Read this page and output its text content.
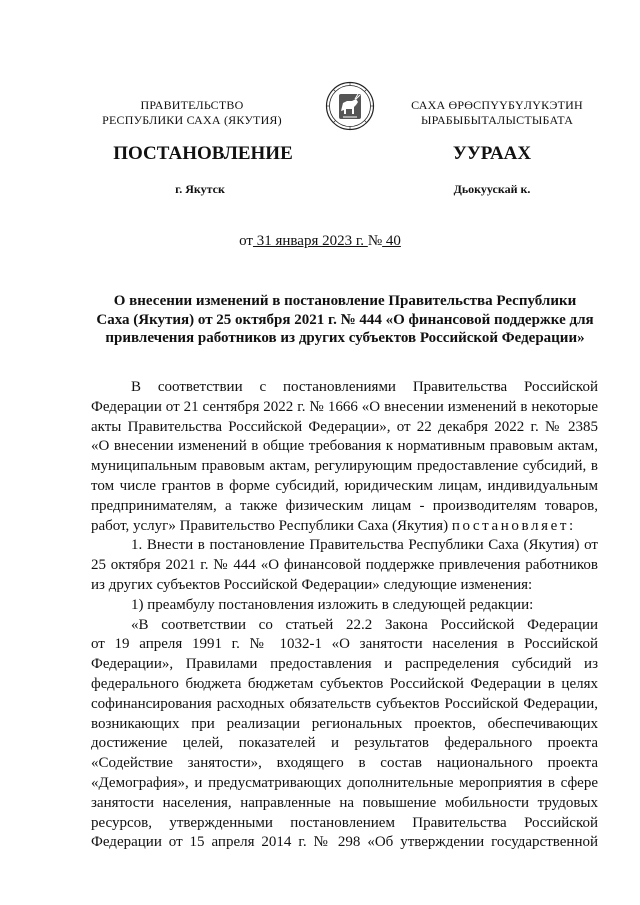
ПРАВИТЕЛЬСТВО
РЕСПУБЛИКИ САХА (ЯКУТИЯ)
САХА ӨРӨСПҮҮБҮЛҮКЭТИН
ЫРАБЫБЫТАЛЫСТЫБАТА
ПОСТАНОВЛЕНИЕ	УУРААХ
г. Якутск	Дьокуускай к.
от 31 января 2023 г. № 40
О внесении изменений в постановление Правительства Республики
Саха (Якутия) от 25 октября 2021 г. № 444 «О финансовой поддержке для
привлечения работников из других субъектов Российской Федерации»

В соответствии с постановлениями Правительства Российской

Федерации от 21 сентября 2022 г. № 1666 «О внесении изменений в некоторые

акты Правительства Российской Федерации», от 22 декабря 2022 г. № 2385

«О внесении изменений в общие требования к нормативным правовым актам,

муниципальным правовым актам, регулирующим предоставление субсидий, в

том числе грантов в форме субсидий, юридическим лицам, индивидуальным

предпринимателям, а также физическим лицам - производителям товаров,

работ, услуг» Правительство Республики Саха (Якутия) постановляет:

1. Внести в постановление Правительства Республики Саха (Якутия) от

25 октября 2021 г. № 444 «О финансовой поддержке привлечения работников

из других субъектов Российской Федерации» следующие изменения:

1) преамбулу постановления изложить в следующей редакции:

«В соответствии со статьей 22.2 Закона Российской Федерации

от 19 апреля 1991 г. № 1032-1 «О занятости населения в Российской

Федерации», Правилами предоставления и распределения субсидий из

федерального бюджета бюджетам субъектов Российской Федерации в целях

софинансирования расходных обязательств субъектов Российской Федерации,

возникающих при реализации региональных проектов, обеспечивающих

достижение целей, показателей и результатов федерального проекта

«Содействие занятости», входящего в состав национального проекта

«Демография», и предусматривающих дополнительные мероприятия в сфере

занятости населения, направленные на повышение мобильности трудовых

ресурсов, утвержденными постановлением Правительства Российской

Федерации от 15 апреля 2014 г. № 298 «Об утверждении государственной
